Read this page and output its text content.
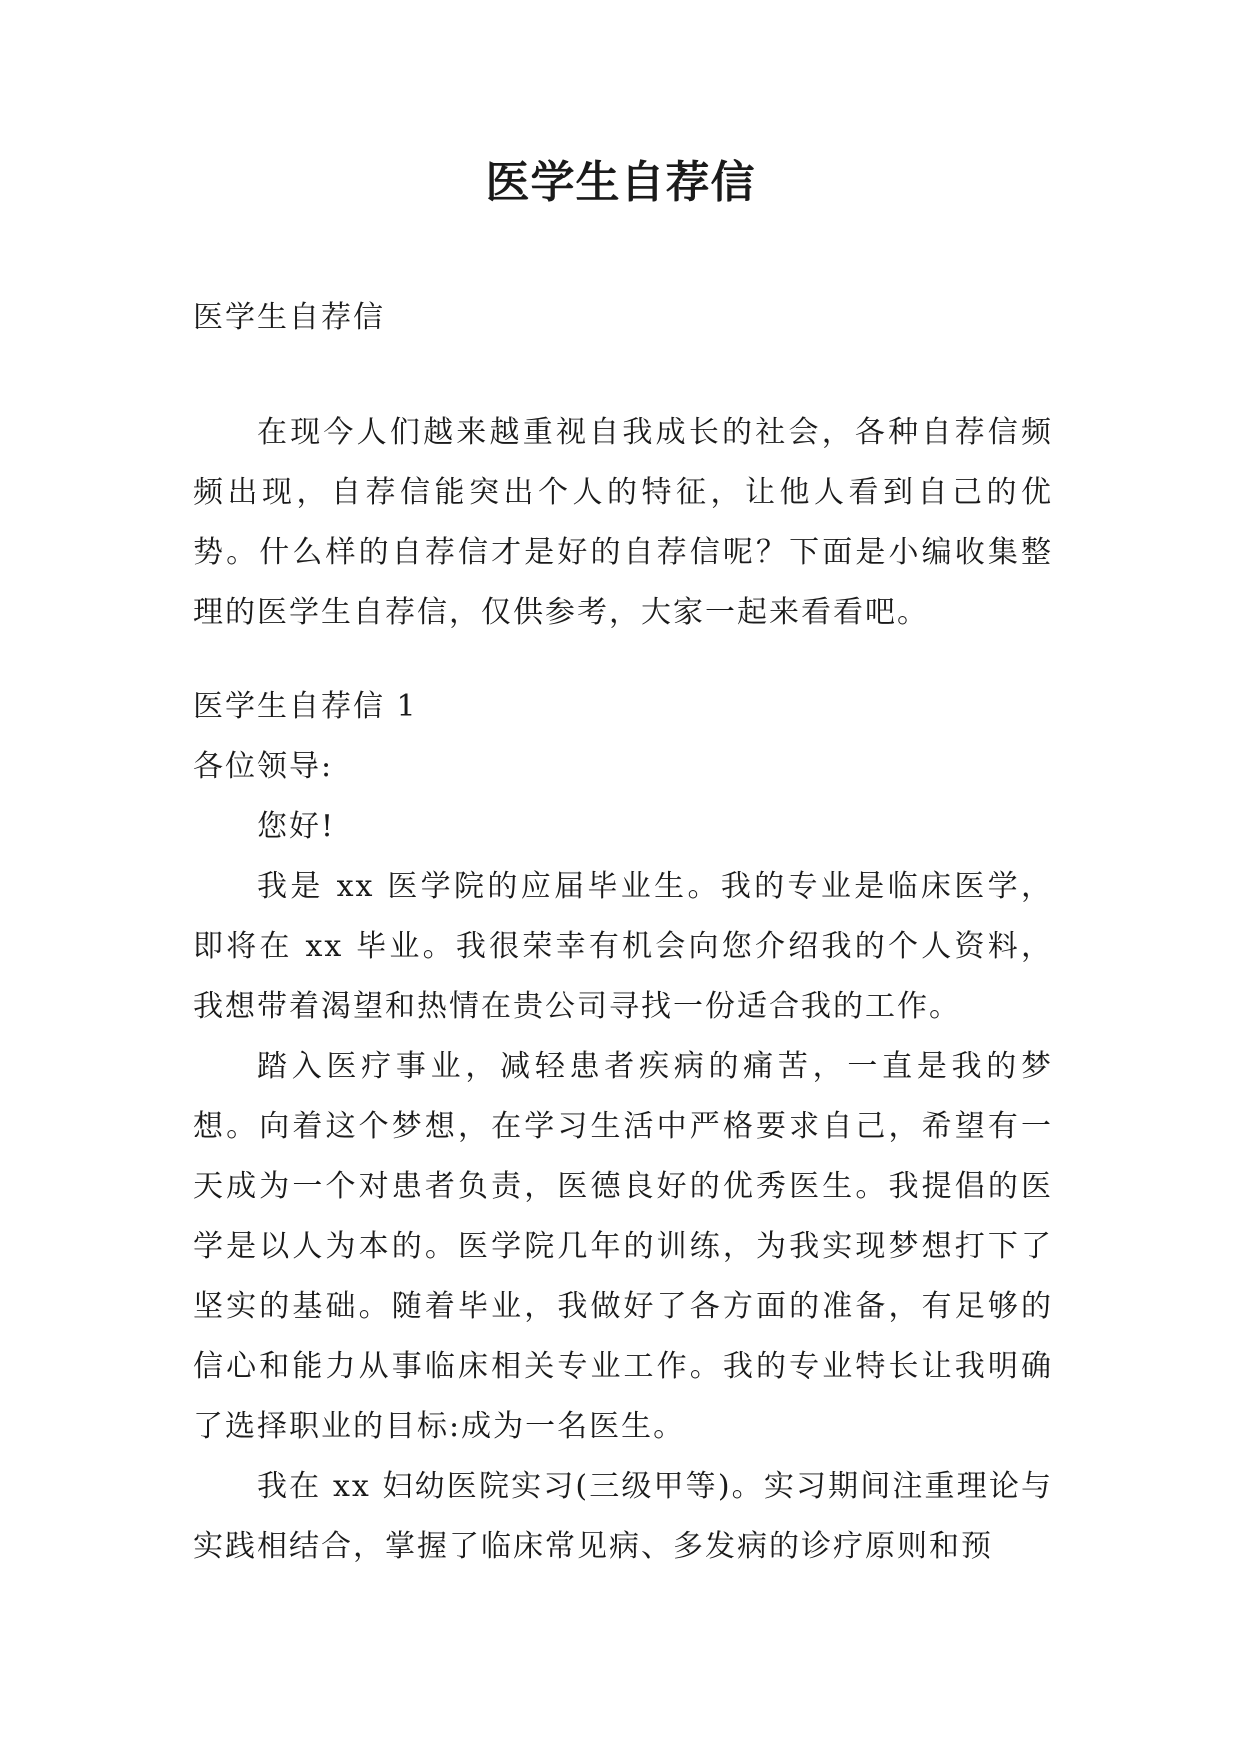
医学生自荐信

医学生自荐信

在现今人们越来越重视自我成长的社会，各种自荐信频频出现，自荐信能突出个人的特征，让他人看到自己的优势。什么样的自荐信才是好的自荐信呢？下面是小编收集整理的医学生自荐信，仅供参考，大家一起来看看吧。

医学生自荐信 1

各位领导:

您好!

我是 xx 医学院的应届毕业生。我的专业是临床医学，即将在 xx 毕业。我很荣幸有机会向您介绍我的个人资料，我想带着渴望和热情在贵公司寻找一份适合我的工作。

踏入医疗事业，减轻患者疾病的痛苦，一直是我的梦想。向着这个梦想，在学习生活中严格要求自己，希望有一天成为一个对患者负责，医德良好的优秀医生。我提倡的医学是以人为本的。医学院几年的训练，为我实现梦想打下了坚实的基础。随着毕业，我做好了各方面的准备，有足够的信心和能力从事临床相关专业工作。我的专业特长让我明确了选择职业的目标:成为一名医生。

我在 xx 妇幼医院实习(三级甲等)。实习期间注重理论与实践相结合，掌握了临床常见病、多发病的诊疗原则和预
